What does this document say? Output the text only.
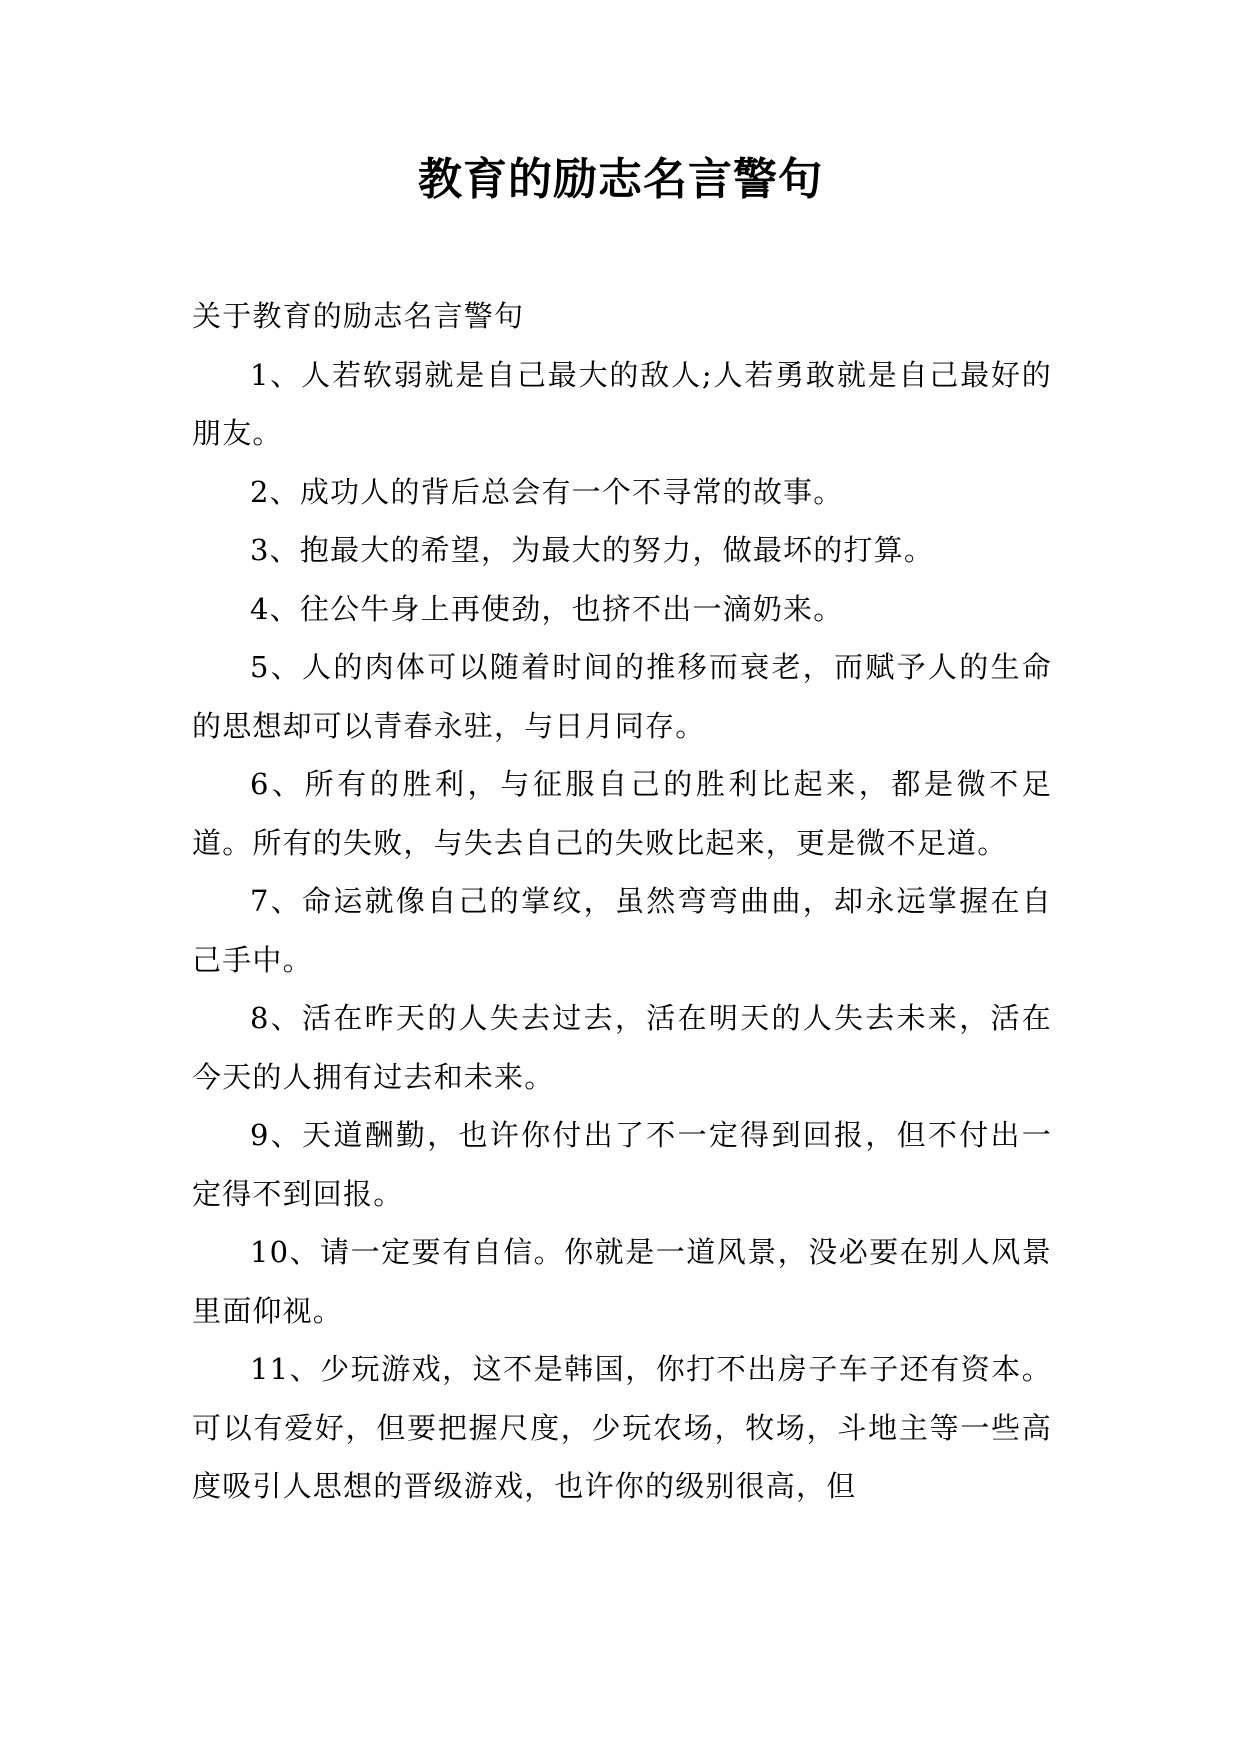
教育的励志名言警句

关于教育的励志名言警句

1、人若软弱就是自己最大的敌人;人若勇敢就是自己最好的朋友。

2、成功人的背后总会有一个不寻常的故事。

3、抱最大的希望，为最大的努力，做最坏的打算。

4、往公牛身上再使劲，也挤不出一滴奶来。

5、人的肉体可以随着时间的推移而衰老，而赋予人的生命的思想却可以青春永驻，与日月同存。

6、所有的胜利，与征服自己的胜利比起来，都是微不足道。所有的失败，与失去自己的失败比起来，更是微不足道。

7、命运就像自己的掌纹，虽然弯弯曲曲，却永远掌握在自己手中。

8、活在昨天的人失去过去，活在明天的人失去未来，活在今天的人拥有过去和未来。

9、天道酬勤，也许你付出了不一定得到回报，但不付出一定得不到回报。

10、请一定要有自信。你就是一道风景，没必要在别人风景里面仰视。

11、少玩游戏，这不是韩国，你打不出房子车子还有资本。可以有爱好，但要把握尺度，少玩农场，牧场，斗地主等一些高度吸引人思想的晋级游戏，也许你的级别很高，但
